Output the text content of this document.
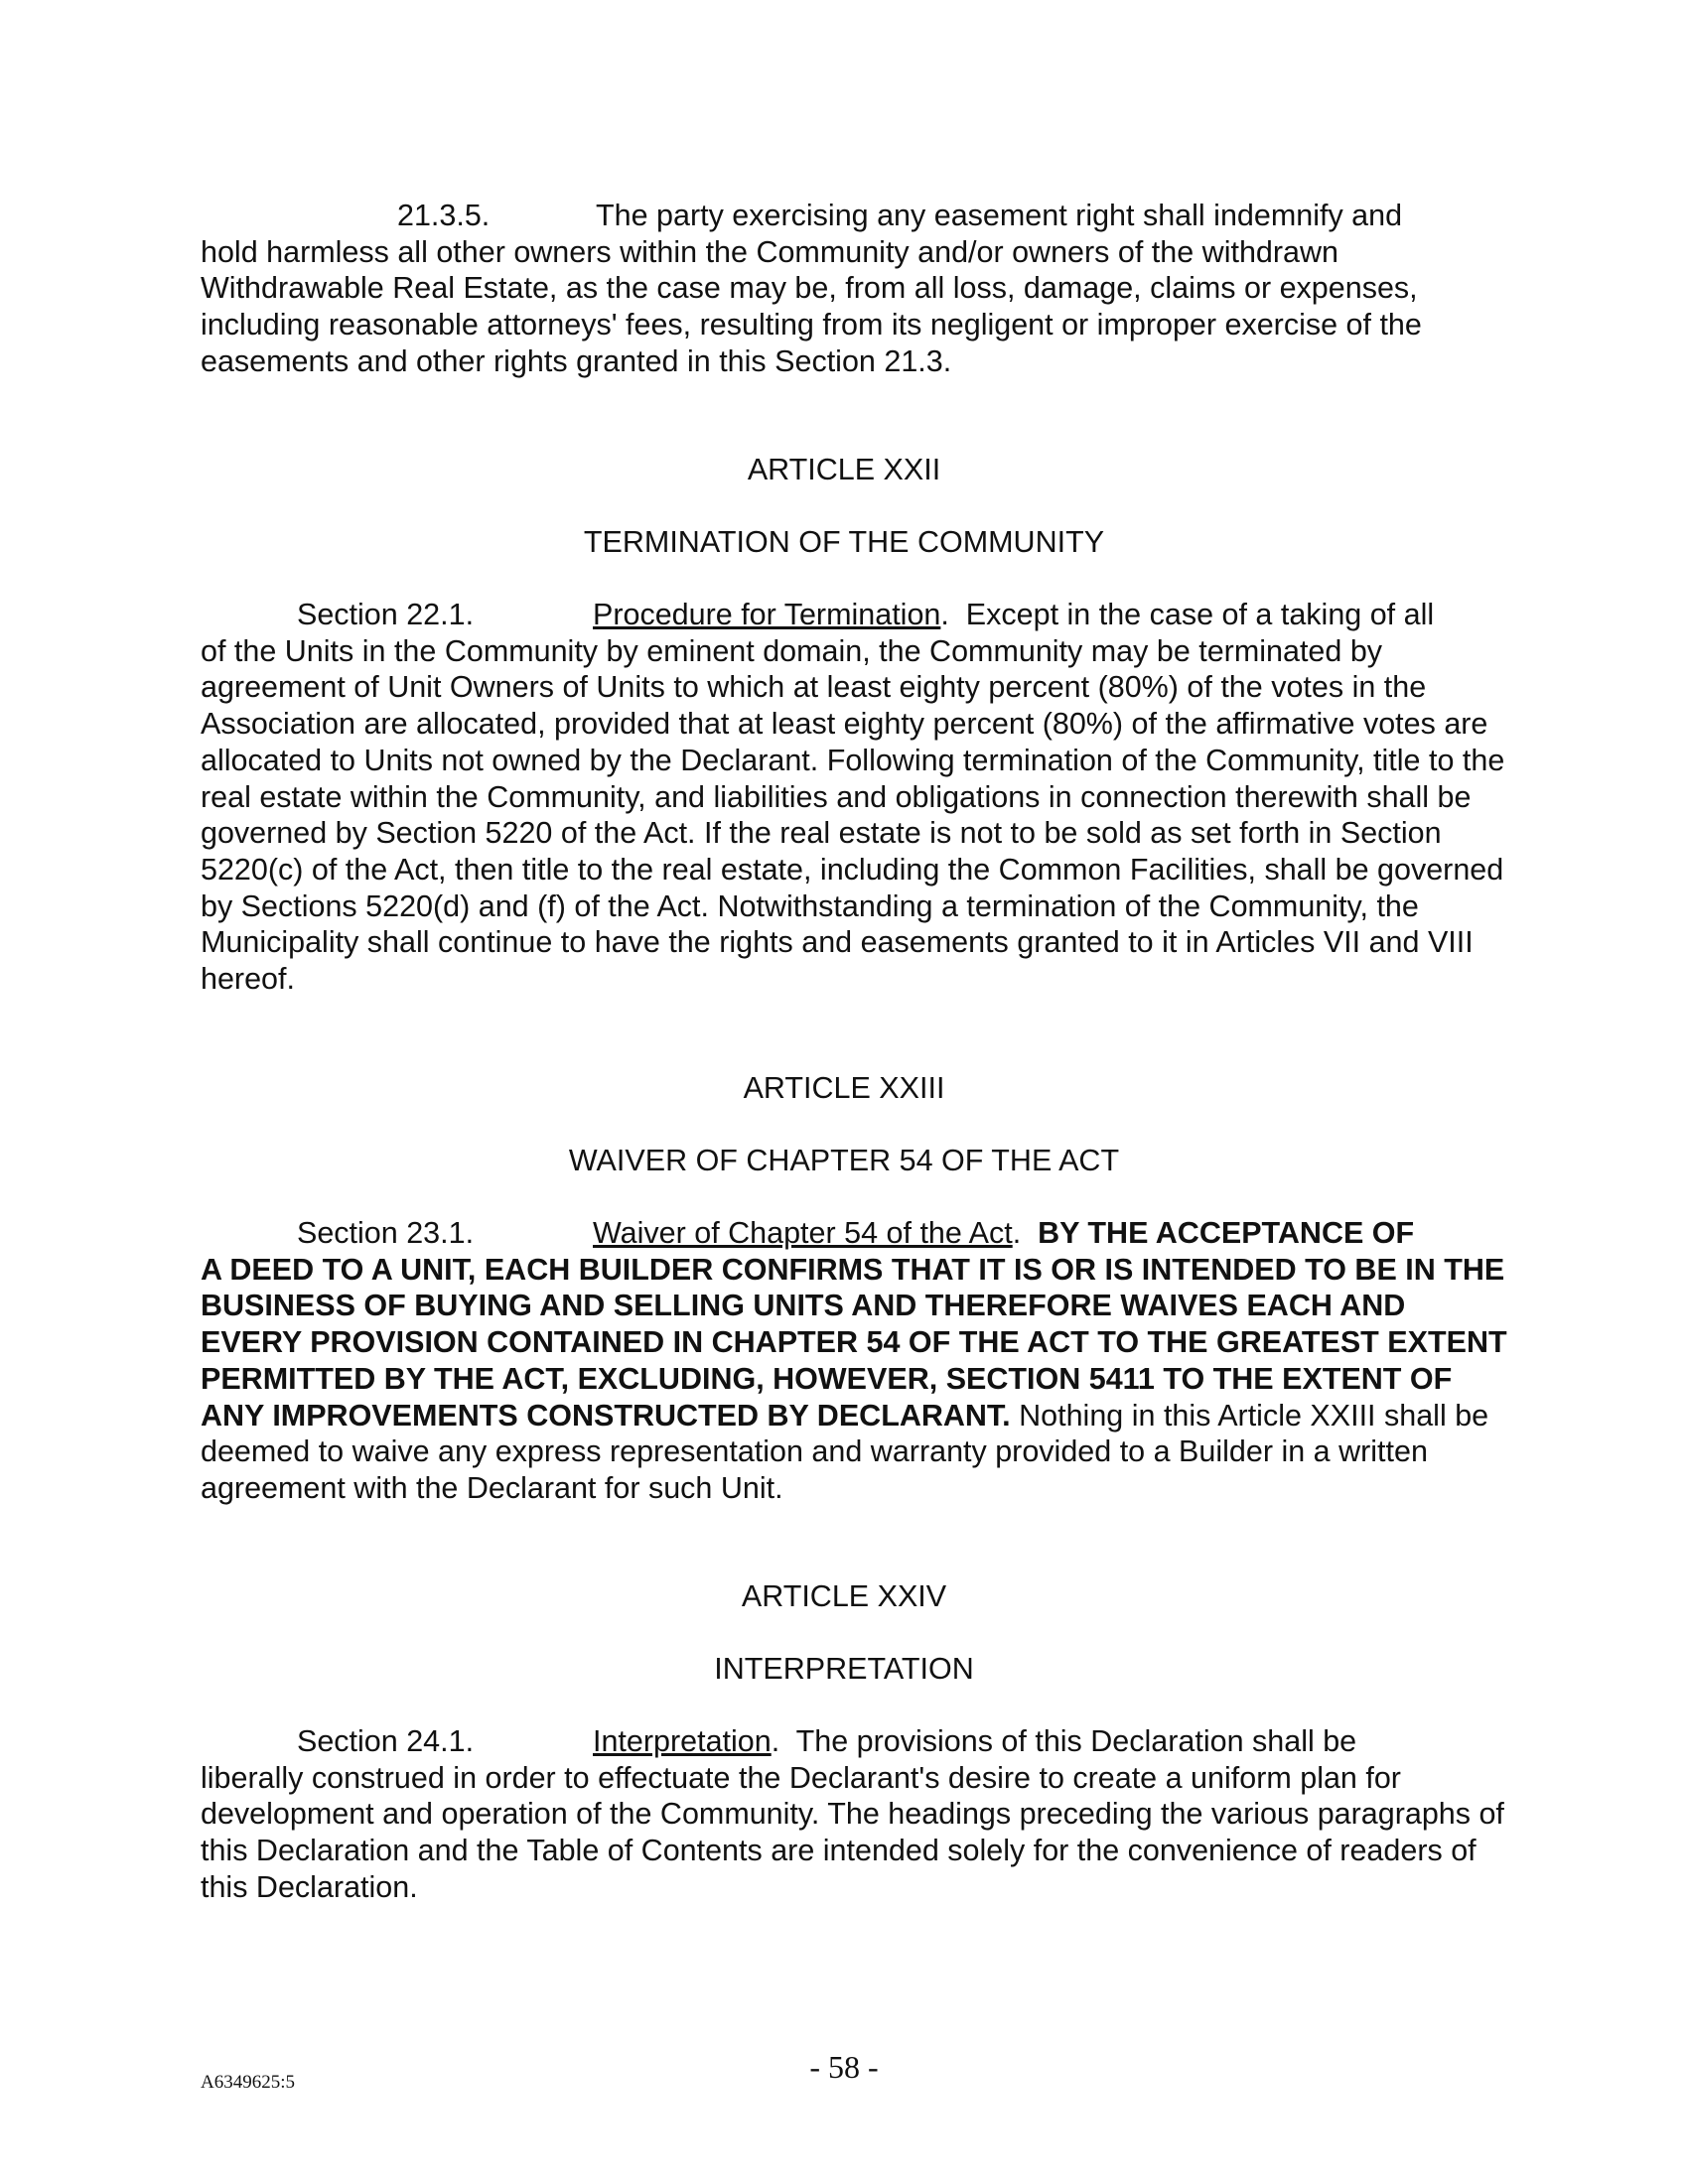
21.3.5.	The party exercising any easement right shall indemnify and
hold harmless all other owners within the Community and/or owners of the withdrawn Withdrawable Real Estate, as the case may be, from all loss, damage, claims or expenses, including reasonable attorneys' fees, resulting from its negligent or improper exercise of the easements and other rights granted in this Section 21.3.

ARTICLE XXII
TERMINATION OF THE COMMUNITY

Section 22.1.	Procedure for Termination.  Except in the case of a taking of all
of the Units in the Community by eminent domain, the Community may be terminated by agreement of Unit Owners of Units to which at least eighty percent (80%) of the votes in the Association are allocated, provided that at least eighty percent (80%) of the affirmative votes are allocated to Units not owned by the Declarant. Following termination of the Community, title to the real estate within the Community, and liabilities and obligations in connection therewith shall be governed by Section 5220 of the Act. If the real estate is not to be sold as set forth in Section 5220(c) of the Act, then title to the real estate, including the Common Facilities, shall be governed by Sections 5220(d) and (f) of the Act. Notwithstanding a termination of the Community, the Municipality shall continue to have the rights and easements granted to it in Articles VII and VIII hereof.

ARTICLE XXIII
WAIVER OF CHAPTER 54 OF THE ACT

Section 23.1.	Waiver of Chapter 54 of the Act.  BY THE ACCEPTANCE OF
A DEED TO A UNIT, EACH BUILDER CONFIRMS THAT IT IS OR IS INTENDED TO BE IN THE BUSINESS OF BUYING AND SELLING UNITS AND THEREFORE WAIVES EACH AND EVERY PROVISION CONTAINED IN CHAPTER 54 OF THE ACT TO THE GREATEST EXTENT PERMITTED BY THE ACT, EXCLUDING, HOWEVER, SECTION 5411 TO THE EXTENT OF ANY IMPROVEMENTS CONSTRUCTED BY DECLARANT. Nothing in this Article XXIII shall be deemed to waive any express representation and warranty provided to a Builder in a written agreement with the Declarant for such Unit.

ARTICLE XXIV
INTERPRETATION

Section 24.1.	Interpretation.  The provisions of this Declaration shall be
liberally construed in order to effectuate the Declarant's desire to create a uniform plan for development and operation of the Community. The headings preceding the various paragraphs of this Declaration and the Table of Contents are intended solely for the convenience of readers of this Declaration.

A6349625:5	- 58 -
